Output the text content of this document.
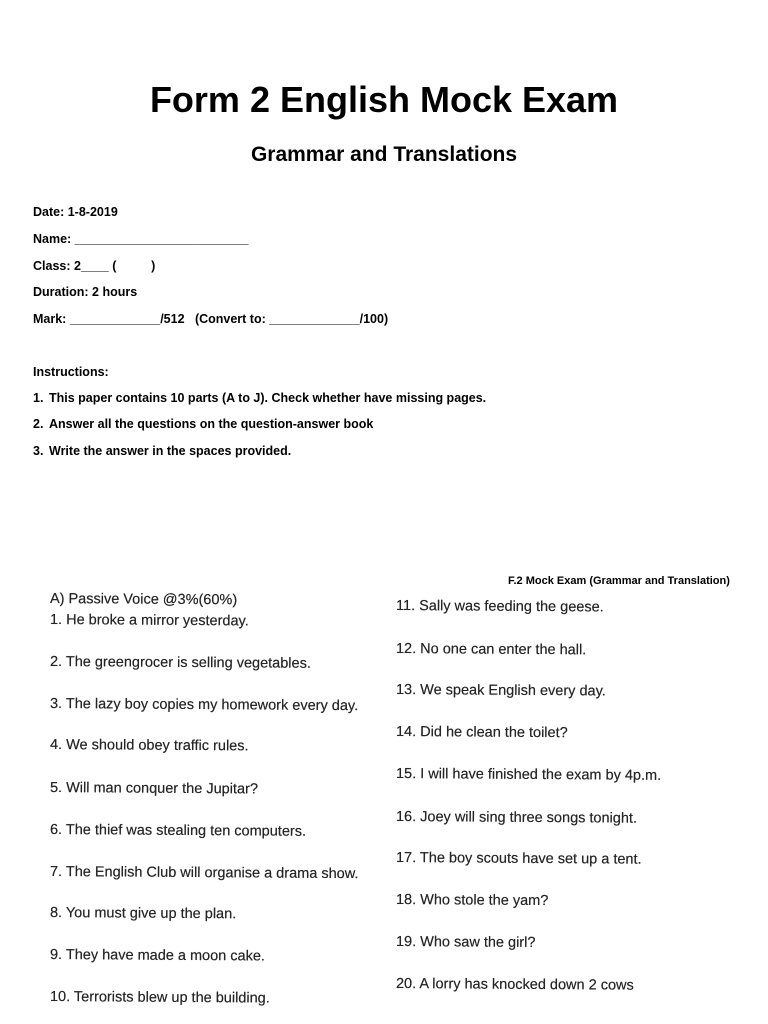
Form 2 English Mock Exam
Grammar and Translations
Date: 1-8-2019
Name: _________________________
Class: 2____ (          )
Duration: 2 hours
Mark: _____________/512   (Convert to: _____________/100)
Instructions:
1. This paper contains 10 parts (A to J). Check whether have missing pages.
2. Answer all the questions on the question-answer book
3. Write the answer in the spaces provided.
F.2 Mock Exam (Grammar and Translation)
A) Passive Voice @3%(60%)
1. He broke a mirror yesterday.
2. The greengrocer is selling vegetables.
3. The lazy boy copies my homework every day.
4. We should obey traffic rules.
5. Will man conquer the Jupitar?
6. The thief was stealing ten computers.
7. The English Club will organise a drama show.
8. You must give up the plan.
9. They have made a moon cake.
10. Terrorists blew up the building.
11. Sally was feeding the geese.
12. No one can enter the hall.
13. We speak English every day.
14. Did he clean the toilet?
15. I will have finished the exam by 4p.m.
16. Joey will sing three songs tonight.
17. The boy scouts have set up a tent.
18. Who stole the yam?
19. Who saw the girl?
20. A lorry has knocked down 2 cows
